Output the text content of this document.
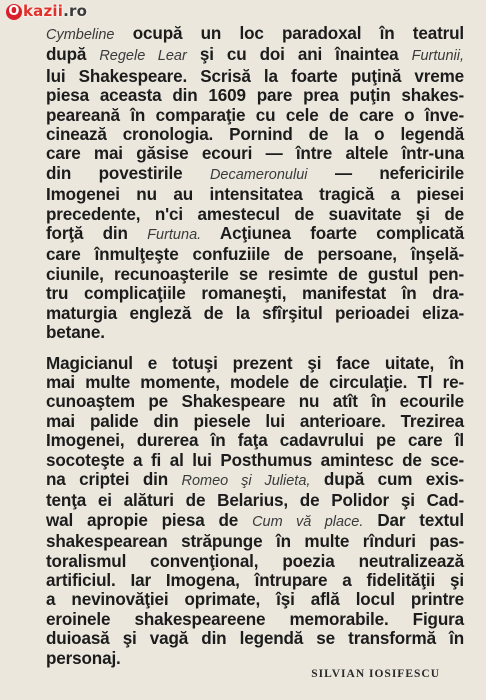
O kazii.ro
Cymbeline ocupă un loc paradoxal în teatrul
după Regele Lear şi cu doi ani înaintea Furtunii,
lui Shakespeare. Scrisă la foarte puţină vreme
piesa aceasta din 1609 pare prea puţin shakes-
peareană în comparaţie cu cele de care o învе-
cinează cronologia. Pornind de la o legendă
care mai găsise ecouri — între altele într-una
din povestirile Decameronului — nefericirile
Imogenei nu au intensitatea tragică a piesei
precedente, n'ci amestecul de suavitate şi de
forţă din Furtuna. Acţiunea foarte complicată
care înmulţeşte confuziile de persoane, înşelă-
ciunile, recunoaşterile se resimte de gustul pen-
tru complicaţiile romaneşti, manifestat în dra-
maturgia engleză de la sfîrşitul perioadei eliza-
betane.
Magicianul e totuşi prezent şi face uitate, în
mai multe momente, modele de circulaţie. Tl re-
cunoaştem pe Shakespeare nu atît în ecourile
mai palide din piesele lui anterioare. Trezirea
Imogenei, durerea în faţa cadavrului pe care îl
socoteşte a fi al lui Posthumus amintesc de sce-
na criptei din Romeo şi Julieta, după cum exis-
tenţa ei alături de Belarius, de Polidor şi Cad-
wal apropie piesa de Cum vă place. Dar textul
shakespearean străpunge în multe rînduri pas-
toralismul convenţional, poezia neutralizează
artificiul. Iar Imogena, întrupare a fidelităţii şi
a nevinovăţiei oprimate, îşi află locul printre
eroinele shakespeareene memorabile. Figura
duioasă şi vagă din legendă se transformă în
personaj.
SILVIAN IOSIFESCU
